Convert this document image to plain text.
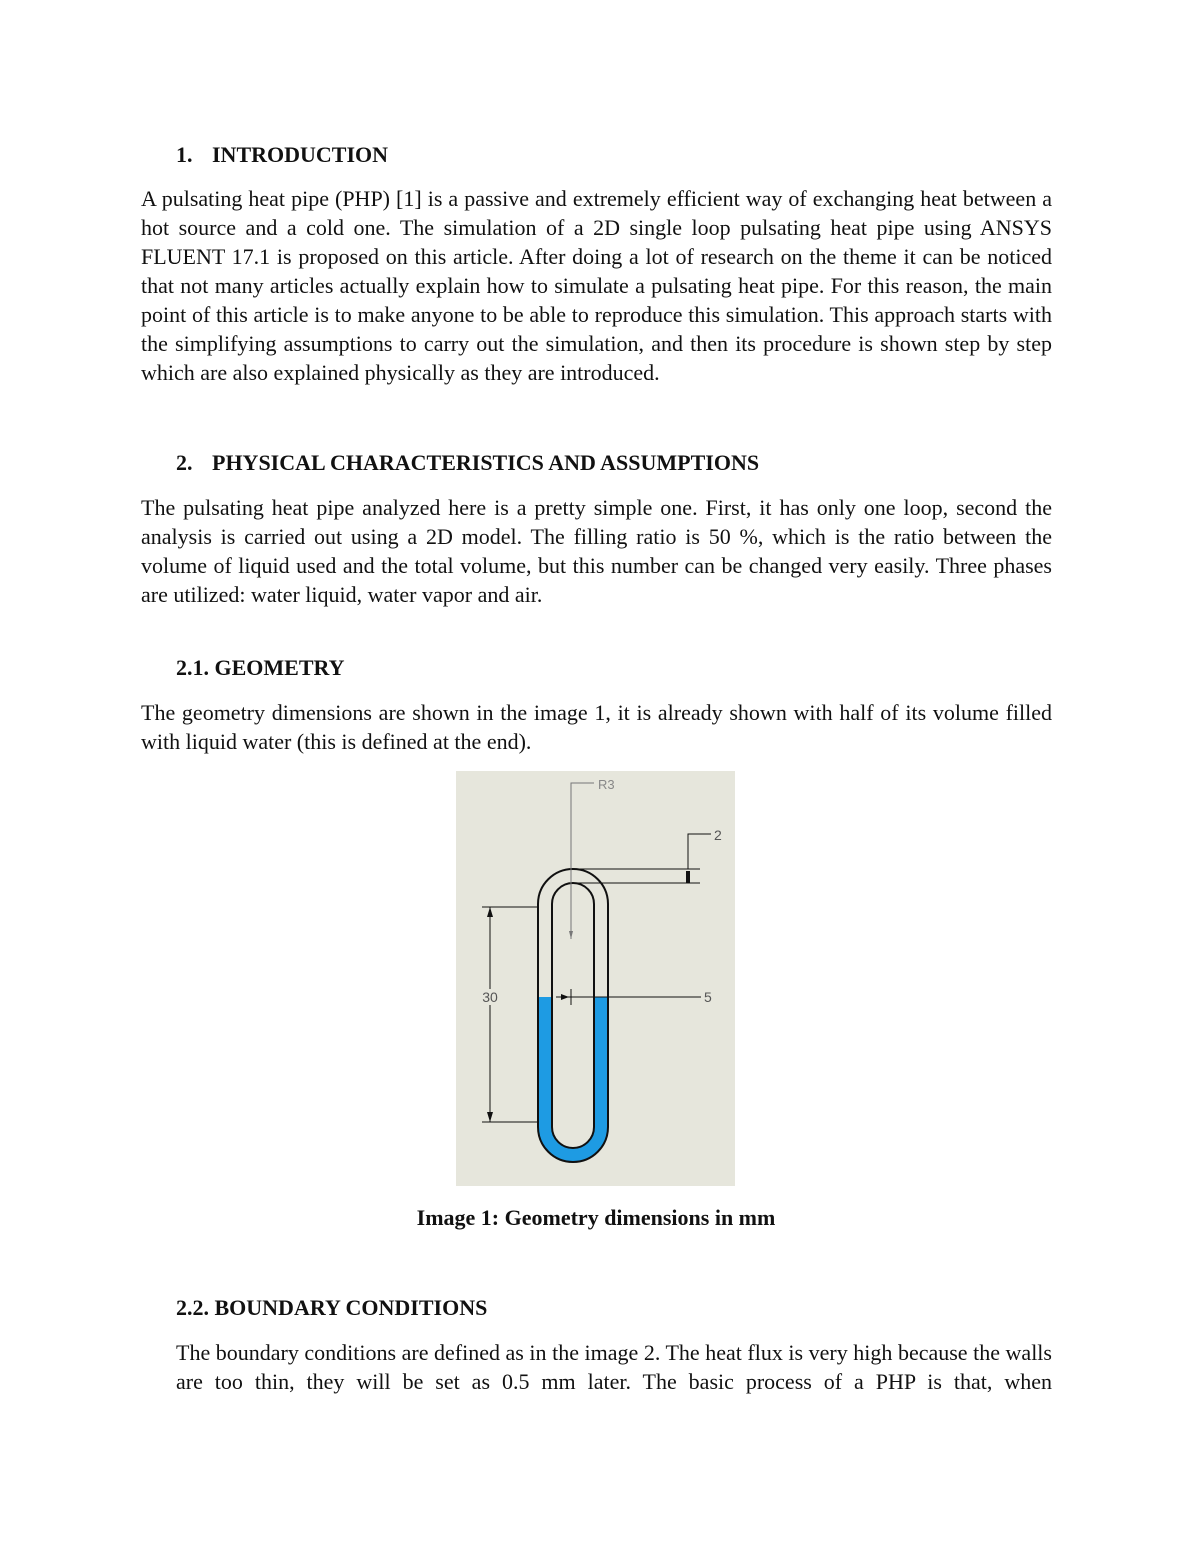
1. INTRODUCTION

A pulsating heat pipe (PHP) [1] is a passive and extremely efficient way of exchanging heat between a hot source and a cold one. The simulation of a 2D single loop pulsating heat pipe using ANSYS FLUENT 17.1 is proposed on this article. After doing a lot of research on the theme it can be noticed that not many articles actually explain how to simulate a pulsating heat pipe. For this reason, the main point of this article is to make anyone to be able to reproduce this simulation. This approach starts with the simplifying assumptions to carry out the simulation, and then its procedure is shown step by step which are also explained physically as they are introduced.

2. PHYSICAL CHARACTERISTICS AND ASSUMPTIONS

The pulsating heat pipe analyzed here is a pretty simple one. First, it has only one loop, second the analysis is carried out using a 2D model. The filling ratio is 50 %, which is the ratio between the volume of liquid used and the total volume, but this number can be changed very easily. Three phases are utilized: water liquid, water vapor and air.

2.1. GEOMETRY

The geometry dimensions are shown in the image 1, it is already shown with half of its volume filled with liquid water (this is defined at the end).

R3
2
30	5
Image 1: Geometry dimensions in mm
2.2. BOUNDARY CONDITIONS

The boundary conditions are defined as in the image 2. The heat flux is very high because the walls are too thin, they will be set as 0.5 mm later. The basic process of a PHP is that, when
